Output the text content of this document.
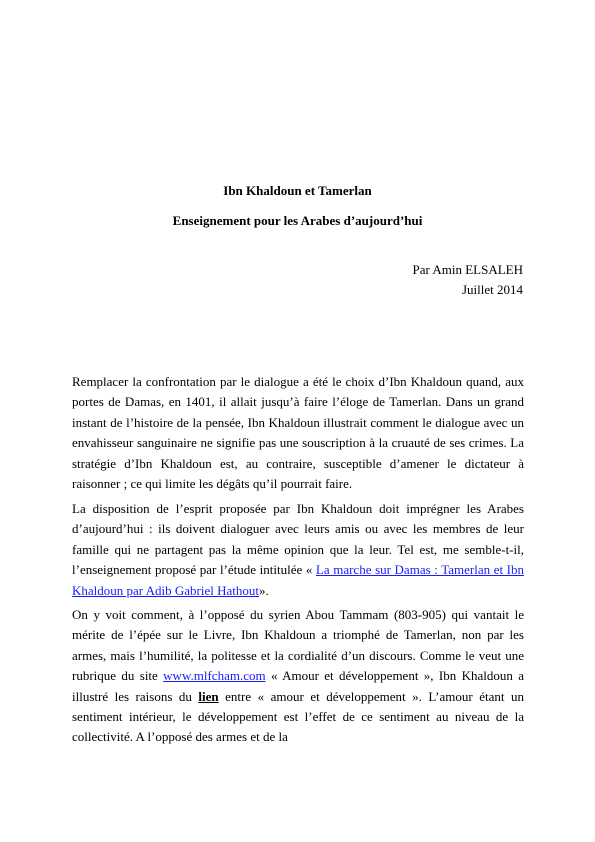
Ibn Khaldoun et Tamerlan

Enseignement pour les Arabes d’aujourd’hui

Par Amin ELSALEH

Juillet 2014

Remplacer la confrontation par le dialogue a été le choix d’Ibn Khaldoun quand, aux portes de Damas, en 1401, il allait jusqu’à faire l’éloge de Tamerlan. Dans un grand instant de l’histoire de la pensée, Ibn Khaldoun illustrait comment le dialogue avec un envahisseur sanguinaire ne signifie pas une souscription à la cruauté de ses crimes. La stratégie d’Ibn Khaldoun est, au contraire, susceptible d’amener le dictateur à raisonner ; ce qui limite les dégâts qu’il pourrait faire.

La disposition de l’esprit proposée par Ibn Khaldoun doit imprégner les Arabes d’aujourd’hui : ils doivent dialoguer avec leurs amis ou avec les membres de leur famille qui ne partagent pas la même opinion que la leur. Tel est, me semble-t-il, l’enseignement proposé par l’étude intitulée « La marche sur Damas : Tamerlan et Ibn Khaldoun par Adib Gabriel Hathout».

On y voit comment, à l’opposé du syrien Abou Tammam (803-905) qui vantait le mérite de l’épée sur le Livre, Ibn Khaldoun a triomphé de Tamerlan, non par les armes, mais l’humilité, la politesse et la cordialité d’un discours. Comme le veut une rubrique du site www.mlfcham.com « Amour et développement », Ibn Khaldoun a illustré les raisons du lien entre « amour et développement ». L’amour étant un sentiment intérieur, le développement est l’effet de ce sentiment au niveau de la collectivité. A l’opposé des armes et de la
